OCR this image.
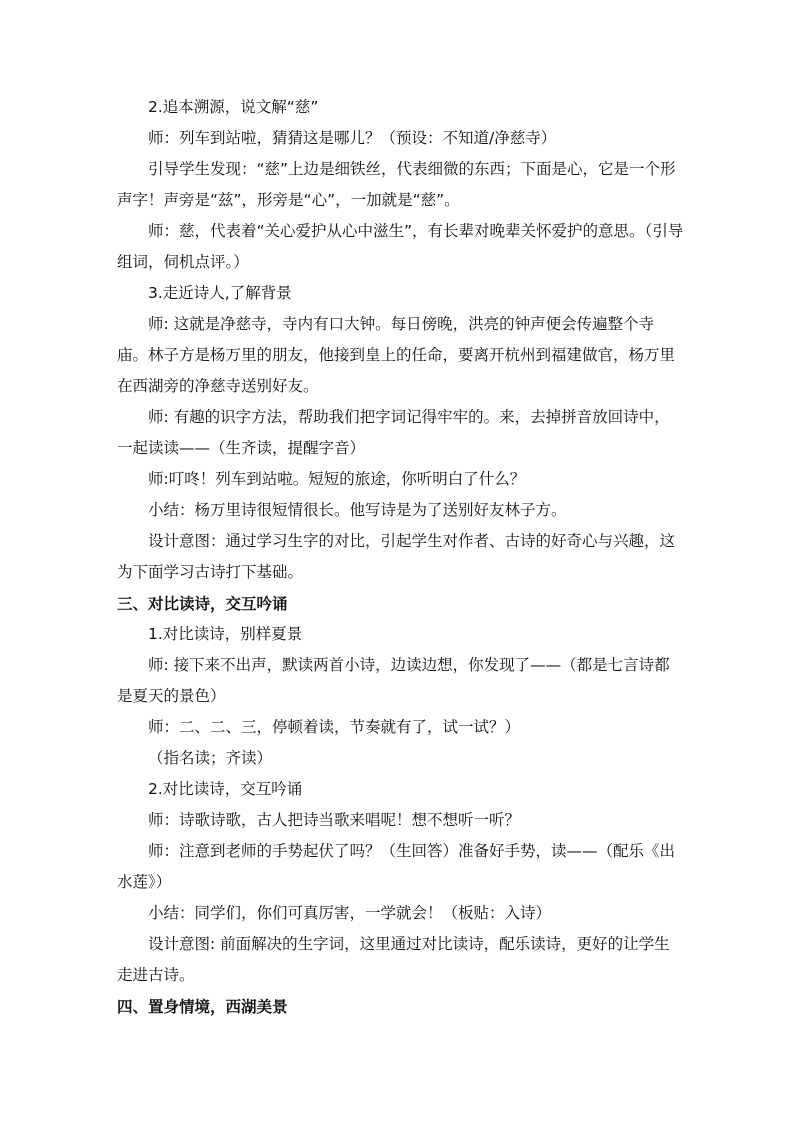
2.追本溯源，说文解“慈”

师：列车到站啦，猜猜这是哪儿？（预设：不知道/净慈寺）

引导学生发现：“慈”上边是细铁丝，代表细微的东西；下面是心，它是一个形声字！声旁是“兹”，形旁是“心”，一加就是“慈”。

师：慈，代表着“关心爱护从心中滋生”，有长辈对晚辈关怀爱护的意思。（引导组词，伺机点评。）

3.走近诗人,了解背景

师: 这就是净慈寺，寺内有口大钟。每日傍晚，洪亮的钟声便会传遍整个寺庙。林子方是杨万里的朋友，他接到皇上的任命，要离开杭州到福建做官，杨万里在西湖旁的净慈寺送别好友。

师: 有趣的识字方法，帮助我们把字词记得牢牢的。来，去掉拼音放回诗中，一起读读——（生齐读，提醒字音）

师:叮咚！列车到站啦。短短的旅途，你听明白了什么？

小结：杨万里诗很短情很长。他写诗是为了送别好友林子方。

设计意图：通过学习生字的对比，引起学生对作者、古诗的好奇心与兴趣，这为下面学习古诗打下基础。

三、对比读诗，交互吟诵

1.对比读诗，别样夏景

师: 接下来不出声，默读两首小诗，边读边想，你发现了——（都是七言诗都是夏天的景色）

师：二、二、三，停顿着读，节奏就有了，试一试？）

（指名读；齐读）

2.对比读诗，交互吟诵

师：诗歌诗歌，古人把诗当歌来唱呢！想不想听一听？

师：注意到老师的手势起伏了吗？（生回答）准备好手势，读——（配乐《出水莲》）

小结：同学们，你们可真厉害，一学就会！（板贴：入诗）

设计意图: 前面解决的生字词，这里通过对比读诗，配乐读诗，更好的让学生走进古诗。

四、置身情境，西湖美景
